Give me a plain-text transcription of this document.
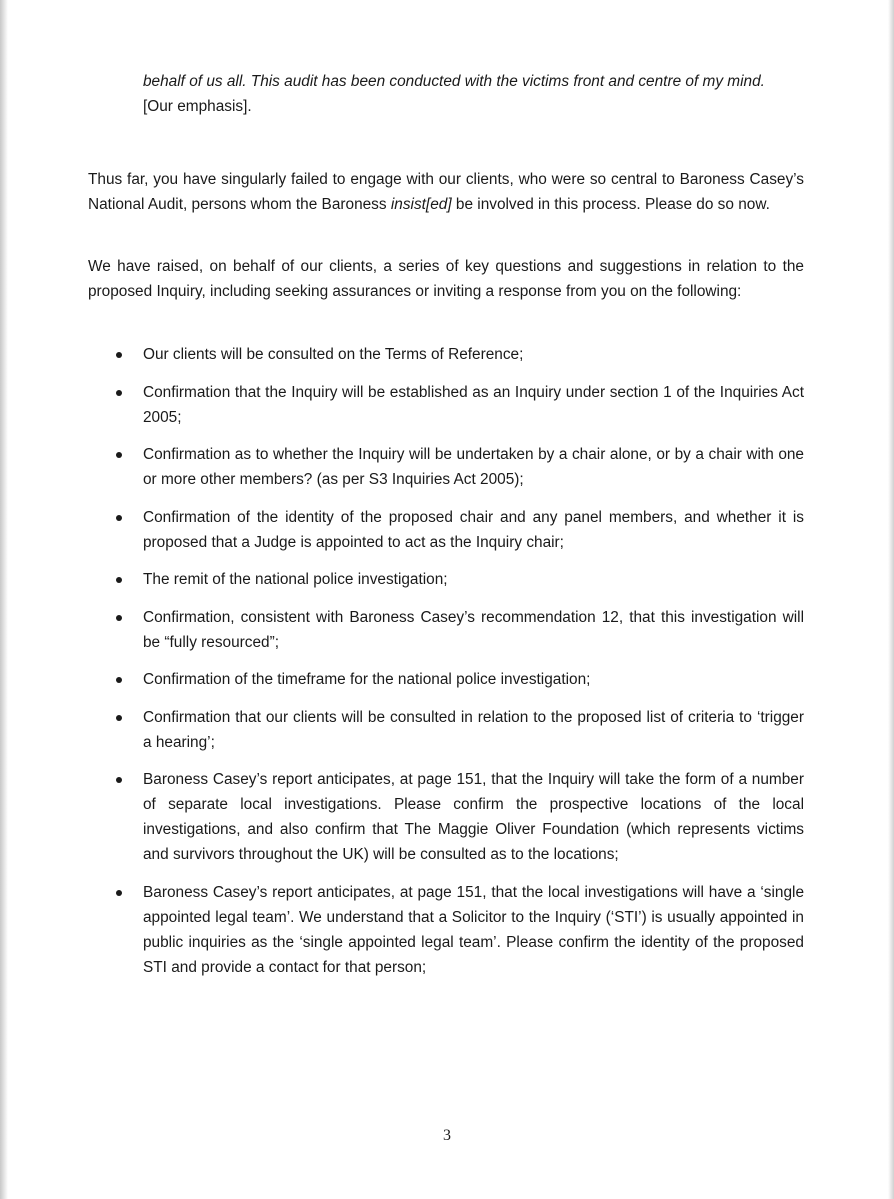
behalf of us all. This audit has been conducted with the victims front and centre of my mind.
[Our emphasis].

Thus far, you have singularly failed to engage with our clients, who were so central to Baroness Casey’s National Audit, persons whom the Baroness insist[ed] be involved in this process. Please do so now.

We have raised, on behalf of our clients, a series of key questions and suggestions in relation to the proposed Inquiry, including seeking assurances or inviting a response from you on the following:

Our clients will be consulted on the Terms of Reference;
Confirmation that the Inquiry will be established as an Inquiry under section 1 of the Inquiries Act 2005;
Confirmation as to whether the Inquiry will be undertaken by a chair alone, or by a chair with one or more other members? (as per S3 Inquiries Act 2005);
Confirmation of the identity of the proposed chair and any panel members, and whether it is proposed that a Judge is appointed to act as the Inquiry chair;
The remit of the national police investigation;
Confirmation, consistent with Baroness Casey’s recommendation 12, that this investigation will be “fully resourced”;
Confirmation of the timeframe for the national police investigation;
Confirmation that our clients will be consulted in relation to the proposed list of criteria to ‘trigger a hearing’;
Baroness Casey’s report anticipates, at page 151, that the Inquiry will take the form of a number of separate local investigations. Please confirm the prospective locations of the local investigations, and also confirm that The Maggie Oliver Foundation (which represents victims and survivors throughout the UK) will be consulted as to the locations;
Baroness Casey’s report anticipates, at page 151, that the local investigations will have a ‘single appointed legal team’. We understand that a Solicitor to the Inquiry (‘STI’) is usually appointed in public inquiries as the ‘single appointed legal team’. Please confirm the identity of the proposed STI and provide a contact for that person;
3
